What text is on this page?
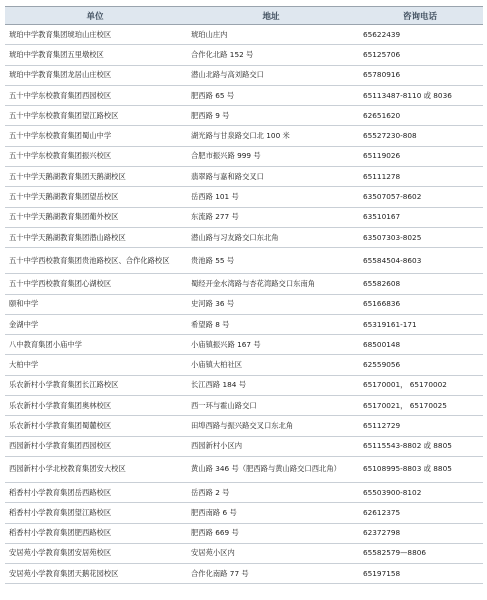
单位	地址	咨询电话
琥珀中学教育集团琥珀山庄校区	琥珀山庄内	65622439
琥珀中学教育集团五里墩校区	合作化北路 152 号	65125706
琥珀中学教育集团龙居山庄校区	潜山北路与高刘路交口	65780916
五十中学东校教育集团西园校区	肥西路 65 号	65113487-8110 或 8036
五十中学东校教育集团望江路校区	肥西路 9 号	62651620
五十中学东校教育集团蜀山中学	湖光路与甘泉路交口北 100 米	65527230-808
五十中学东校教育集团振兴校区	合肥市振兴路 999 号	65119026
五十中学天鹅湖教育集团天鹅湖校区	翡翠路与嘉和路交叉口	65111278
五十中学天鹅湖教育集团望岳校区	岳西路 101 号	63507057-8602
五十中学天鹅湖教育集团葡外校区	东流路 277 号	63510167
五十中学天鹅湖教育集团潜山路校区	潜山路与习友路交口东北角	63507303-8025
五十中学西校教育集团贵池路校区、合作化路校区	贵池路 55 号	65584504-8603
五十中学西校教育集团心湖校区	蜀经开金水湾路与杏花湾路交口东南角	65582608
颐和中学	史河路 36 号	65166836
金湖中学	希望路 8 号	65319161-171
八中教育集团小庙中学	小庙镇振兴路 167 号	68500148
大柏中学	小庙镇大柏社区	62559056
乐农新村小学教育集团长江路校区	长江西路 184 号	65170001， 65170002
乐农新村小学教育集团奥林校区	西一环与霍山路交口	65170021， 65170025
乐农新村小学教育集团蜀麓校区	田埠西路与振兴路交叉口东北角	65112729
西园新村小学教育集团西园校区	西园新村小区内	65115543-8802 或 8805
西园新村小学北校教育集团安大校区	黄山路 346 号（肥西路与黄山路交口西北角）	65108995-8803 或 8805
稻香村小学教育集团岳西路校区	岳西路 2 号	65503900-8102
稻香村小学教育集团望江路校区	肥西南路 6 号	62612375
稻香村小学教育集团肥西路校区	肥西路 669 号	62372798
安居苑小学教育集团安居苑校区	安居苑小区内	65582579—8806
安居苑小学教育集团天鹅花园校区	合作化南路 77 号	65197158
